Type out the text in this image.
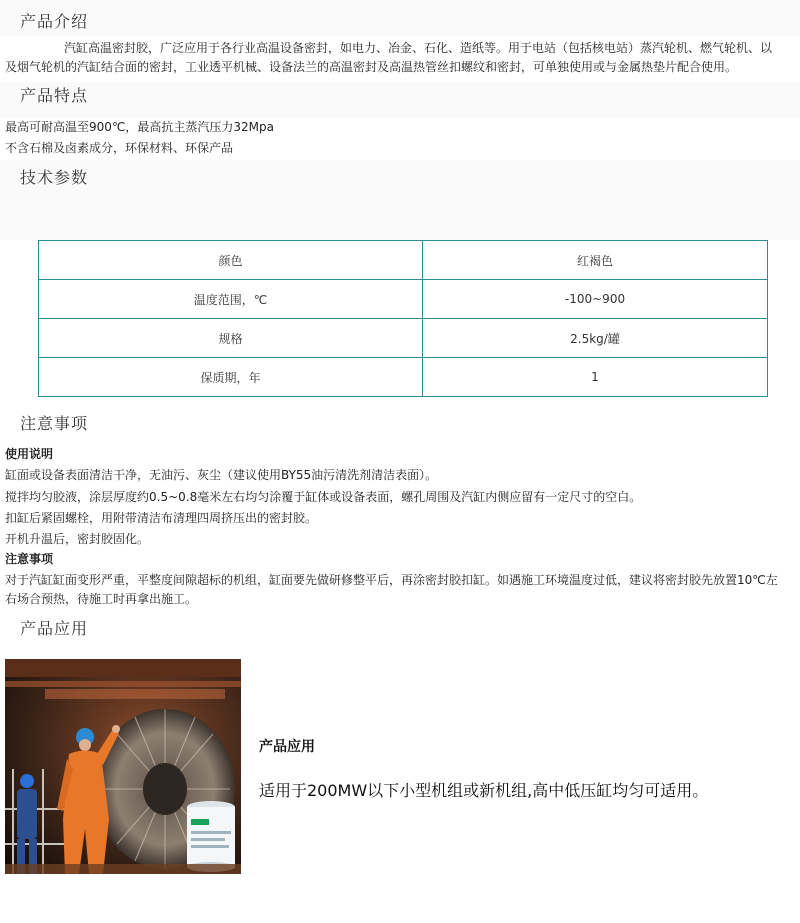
产品介绍
汽缸高温密封胶，广泛应用于各行业高温设备密封，如电力、冶金、石化、造纸等。用于电站（包括核电站）蒸汽轮机、燃气轮机、以
及烟气轮机的汽缸结合面的密封，工业透平机械、设备法兰的高温密封及高温热管丝扣螺纹和密封，可单独使用或与金属热垫片配合使用。
产品特点
最高可耐高温至900℃，最高抗主蒸汽压力32Mpa
不含石棉及卤素成分，环保材料、环保产品
技术参数
颜色	红褐色
温度范围，℃	-100~900
规格	2.5kg/罐
保质期，年	1
注意事项
使用说明
缸面或设备表面清洁干净，无油污、灰尘（建议使用BY55油污清洗剂清洁表面）。
搅拌均匀胶液，涂层厚度约0.5~0.8毫米左右均匀涂覆于缸体或设备表面，螺孔周围及汽缸内侧应留有一定尺寸的空白。
扣缸后紧固螺栓，用附带清洁布清理四周挤压出的密封胶。
开机升温后，密封胶固化。
注意事项
对于汽缸缸面变形严重，平整度间隙超标的机组，缸面要先做研修整平后，再涂密封胶扣缸。如遇施工环境温度过低，建议将密封胶先放置10℃左
右场合预热，待施工时再拿出施工。
产品应用
产品应用
适用于200MW以下小型机组或新机组,高中低压缸均匀可适用。
